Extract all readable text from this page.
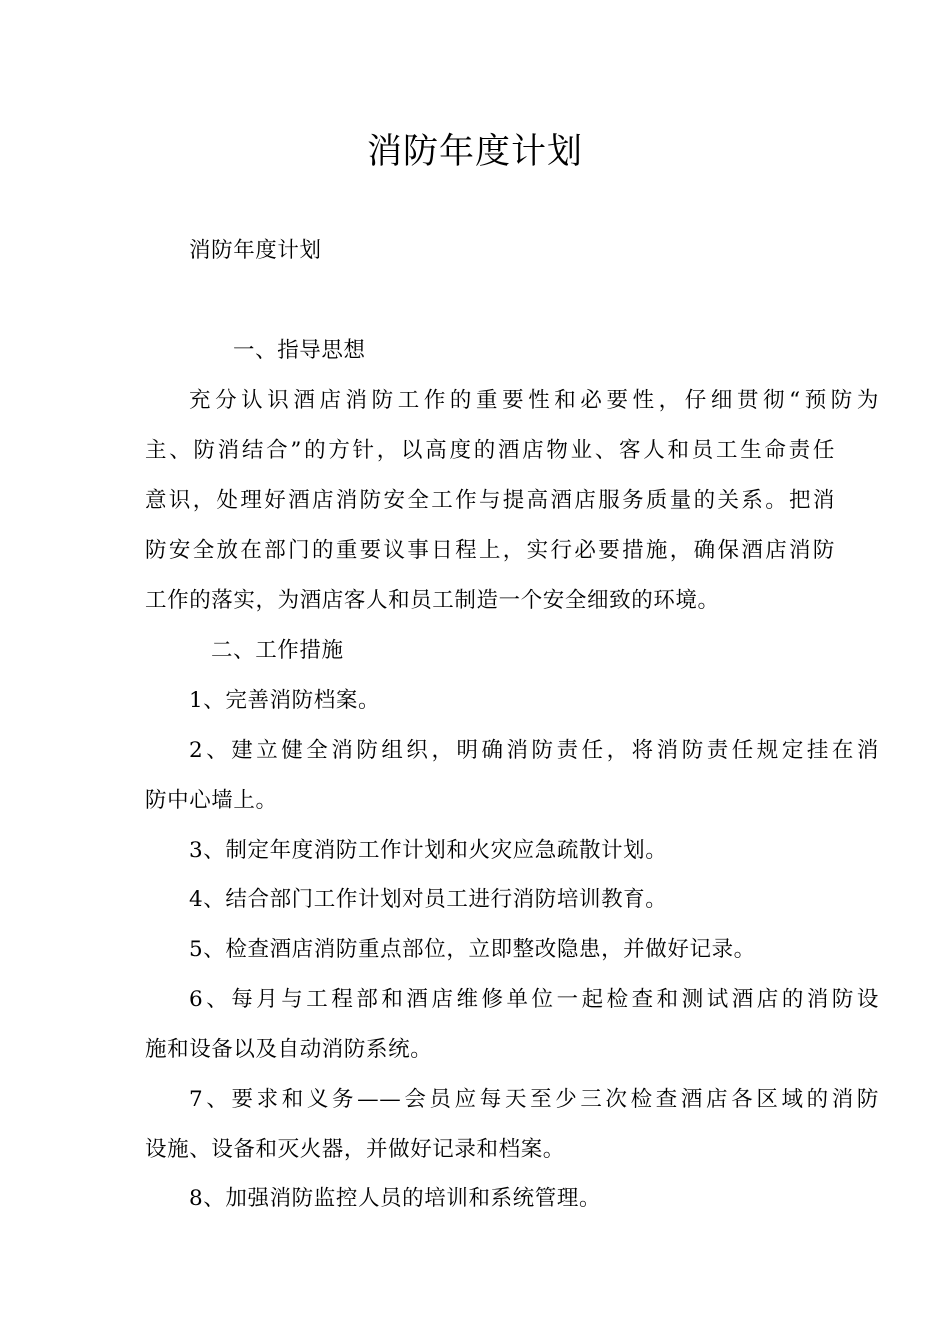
消防年度计划
消防年度计划
一、指导思想
充分认识酒店消防工作的重要性和必要性，仔细贯彻“预防为
主、防消结合”的方针，以高度的酒店物业、客人和员工生命责任
意识，处理好酒店消防安全工作与提高酒店服务质量的关系。把消
防安全放在部门的重要议事日程上，实行必要措施，确保酒店消防
工作的落实，为酒店客人和员工制造一个安全细致的环境。
二、工作措施
1、完善消防档案。
2、建立健全消防组织，明确消防责任，将消防责任规定挂在消
防中心墙上。
3、制定年度消防工作计划和火灾应急疏散计划。
4、结合部门工作计划对员工进行消防培训教育。
5、检查酒店消防重点部位，立即整改隐患，并做好记录。
6、每月与工程部和酒店维修单位一起检查和测试酒店的消防设
施和设备以及自动消防系统。
7、要求和义务——会员应每天至少三次检查酒店各区域的消防
设施、设备和灭火器，并做好记录和档案。
8、加强消防监控人员的培训和系统管理。
